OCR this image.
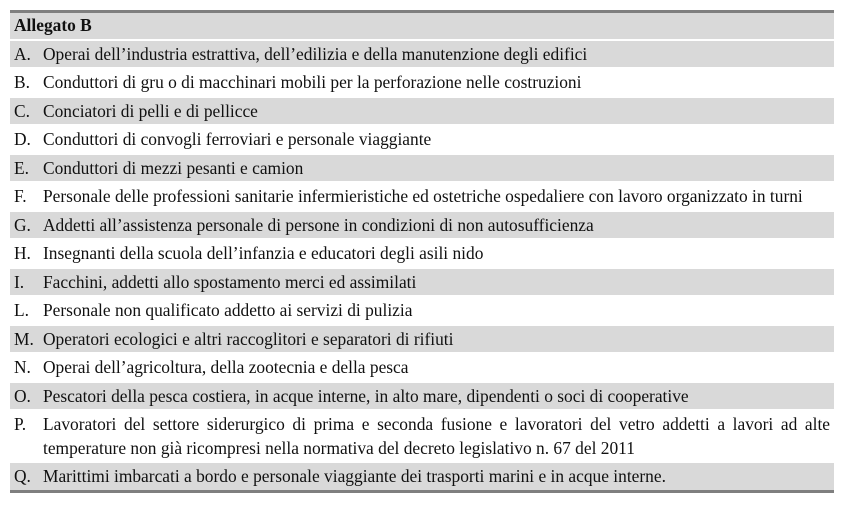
Allegato B
A. Operai dell’industria estrattiva, dell’edilizia e della manutenzione degli edifici
B. Conduttori di gru o di macchinari mobili per la perforazione nelle costruzioni
C. Conciatori di pelli e di pellicce
D. Conduttori di convogli ferroviari e personale viaggiante
E. Conduttori di mezzi pesanti e camion
F. Personale delle professioni sanitarie infermieristiche ed ostetriche ospedaliere con lavoro organizzato in turni
G. Addetti all’assistenza personale di persone in condizioni di non autosufficienza
H. Insegnanti della scuola dell’infanzia e educatori degli asili nido
I.	Facchini, addetti allo spostamento merci ed assimilati
L. Personale non qualificato addetto ai servizi di pulizia
M. Operatori ecologici e altri raccoglitori e separatori di rifiuti
N. Operai dell’agricoltura, della zootecnia e della pesca
O. Pescatori della pesca costiera, in acque interne, in alto mare, dipendenti o soci di cooperative
P. Lavoratori del settore siderurgico di prima e seconda fusione e lavoratori del vetro addetti a lavori ad alte temperature non già ricompresi nella normativa del decreto legislativo n. 67 del 2011
Q. Marittimi imbarcati a bordo e personale viaggiante dei trasporti marini e in acque interne.
